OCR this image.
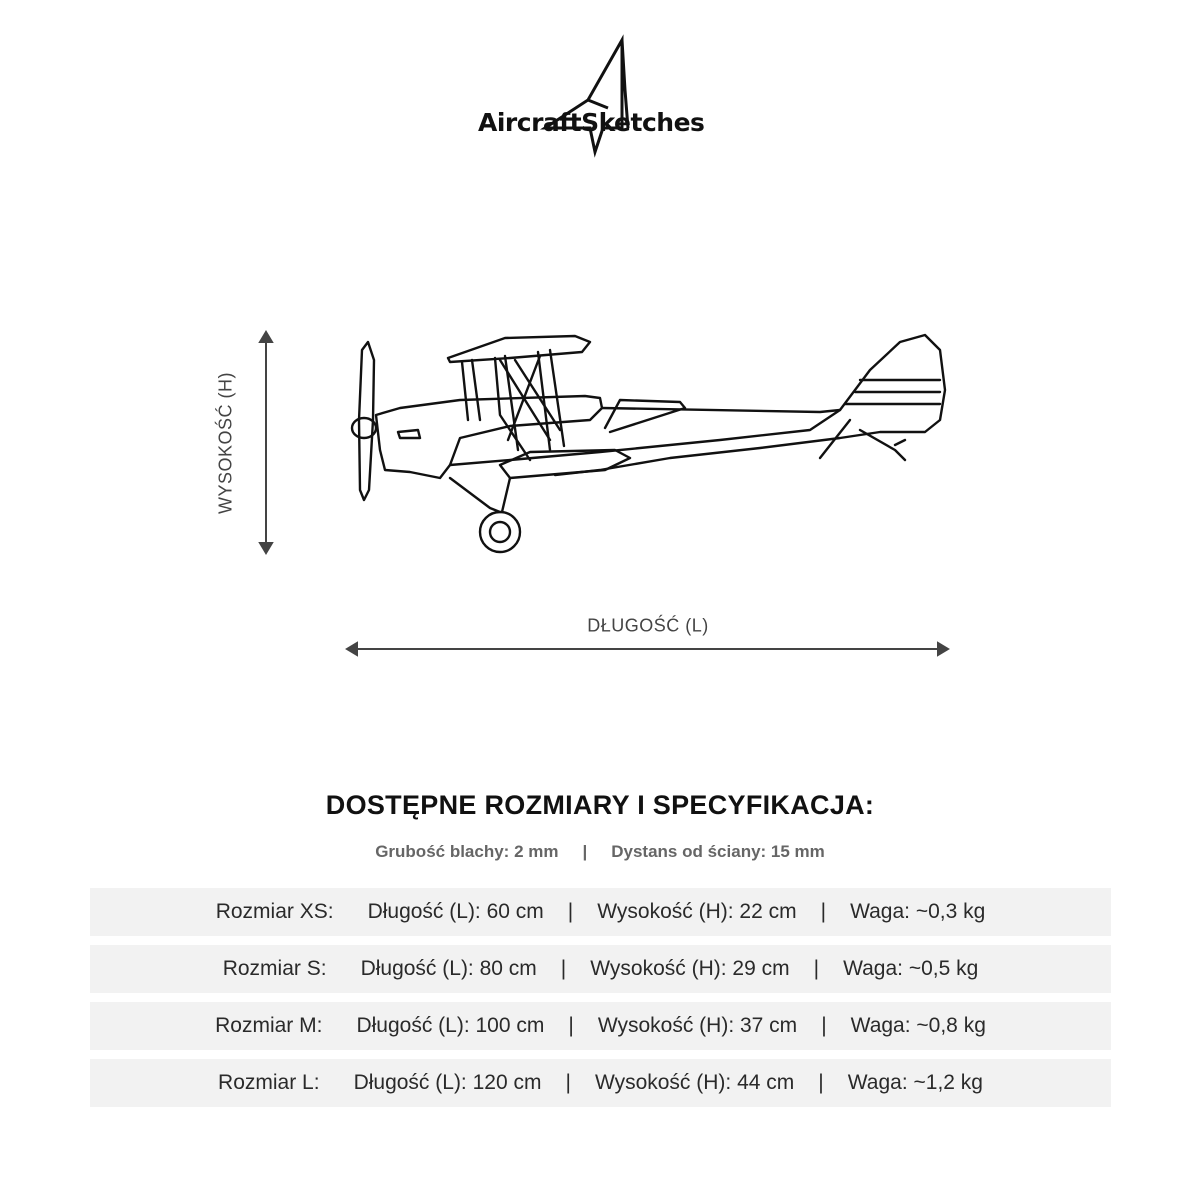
AircraftSketches
WYSOKOŚĆ (H)
DŁUGOŚĆ (L)
DOSTĘPNE ROZMIARY I SPECYFIKACJA:
Grubość blachy: 2 mm | Dystans od ściany: 15 mm
Rozmiar XS: Długość (L): 60 cm | Wysokość (H): 22 cm | Waga: ~0,3 kg
Rozmiar S: Długość (L): 80 cm | Wysokość (H): 29 cm | Waga: ~0,5 kg
Rozmiar M: Długość (L): 100 cm | Wysokość (H): 37 cm | Waga: ~0,8 kg
Rozmiar L: Długość (L): 120 cm | Wysokość (H): 44 cm | Waga: ~1,2 kg
